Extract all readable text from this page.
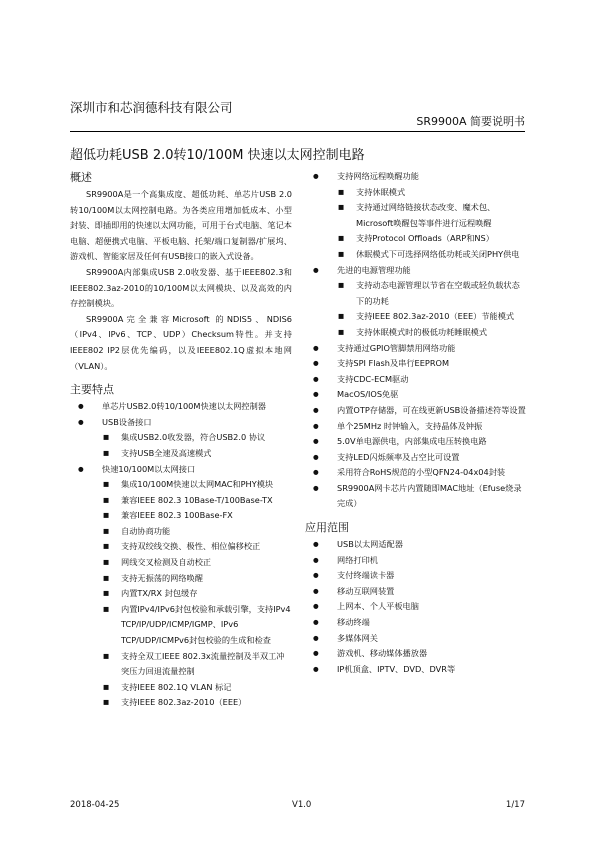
深圳市和芯润德科技有限公司
SR9900A 简要说明书
超低功耗USB 2.0转10/100M 快速以太网控制电路
概述

SR9900A是一个高集成度、超低功耗、单芯片USB 2.0转10/100M以太网控制电路。为各类应用增加低成本、小型封装、即插即用的快速以太网功能，可用于台式电脑、笔记本电脑、超便携式电脑、平板电脑、托架/端口复制器/扩展坞、游戏机、智能家居及任何有USB接口的嵌入式设备。

SR9900A内部集成USB 2.0收发器、基于IEEE802.3和IEEE802.3az-2010的10/100M以太网模块、以及高效的内存控制模块。

SR9900A完全兼容Microsoft 的NDIS5、NDIS6（IPv4、IPv6、TCP、UDP）Checksum特性。并支持IEEE802 IP2层优先编码，以及IEEE802.1Q虚拟本地网（VLAN）。

主要特点
● 单芯片USB2.0转10/100M快速以太网控制器
● USB设备接口
■ 集成USB2.0收发器，符合USB2.0 协议
■ 支持USB全速及高速模式
● 快速10/100M以太网接口
■ 集成10/100M快速以太网MAC和PHY模块
■ 兼容IEEE 802.3 10Base-T/100Base-TX
■ 兼容IEEE 802.3 100Base-FX
■ 自动协商功能
■ 支持双绞线交换、极性、相位偏移校正
■ 网线交叉检测及自动校正
■ 支持无振荡的网络唤醒
■ 内置TX/RX 封包缓存
■ 内置IPv4/IPv6封包校验和承载引擎，支持IPv4 TCP/IP/UDP/ICMP/IGMP、IPv6 TCP/UDP/ICMPv6封包校验的生成和检查
■ 支持全双工IEEE 802.3x流量控制及半双工冲突压力回退流量控制
■ 支持IEEE 802.1Q VLAN 标记
■ 支持IEEE 802.3az-2010（EEE）
● 支持网络远程唤醒功能
■ 支持休眠模式
■ 支持通过网络链接状态改变、魔术包、Microsoft唤醒包等事件进行远程唤醒
■ 支持Protocol Offloads（ARP和NS）
■ 休眠模式下可选择网络低功耗或关闭PHY供电
● 先进的电源管理功能
■ 支持动态电源管理以节省在空载或轻负载状态下的功耗
■ 支持IEEE 802.3az-2010（EEE）节能模式
■ 支持休眠模式时的极低功耗睡眠模式
● 支持通过GPIO管脚禁用网络功能
● 支持SPI Flash及串行EEPROM
● 支持CDC-ECM驱动
● MacOS/IOS免驱
● 内置OTP存储器，可在线更新USB设备描述符等设置
● 单个25MHz 时钟输入，支持晶体及钟振
● 5.0V单电源供电，内部集成电压转换电路
● 支持LED闪烁频率及占空比可设置
● 采用符合RoHS规范的小型QFN24-04x04封装
● SR9900A网卡芯片内置随即MAC地址（Efuse烧录完成）
应用范围
● USB以太网适配器
● 网络打印机
● 支付终端读卡器
● 移动互联网装置
● 上网本、个人平板电脑
● 移动终端
● 多媒体网关
● 游戏机、移动媒体播放器
● IP机顶盒、IPTV、DVD、DVR等
2018-04-25	V1.0	1/17
